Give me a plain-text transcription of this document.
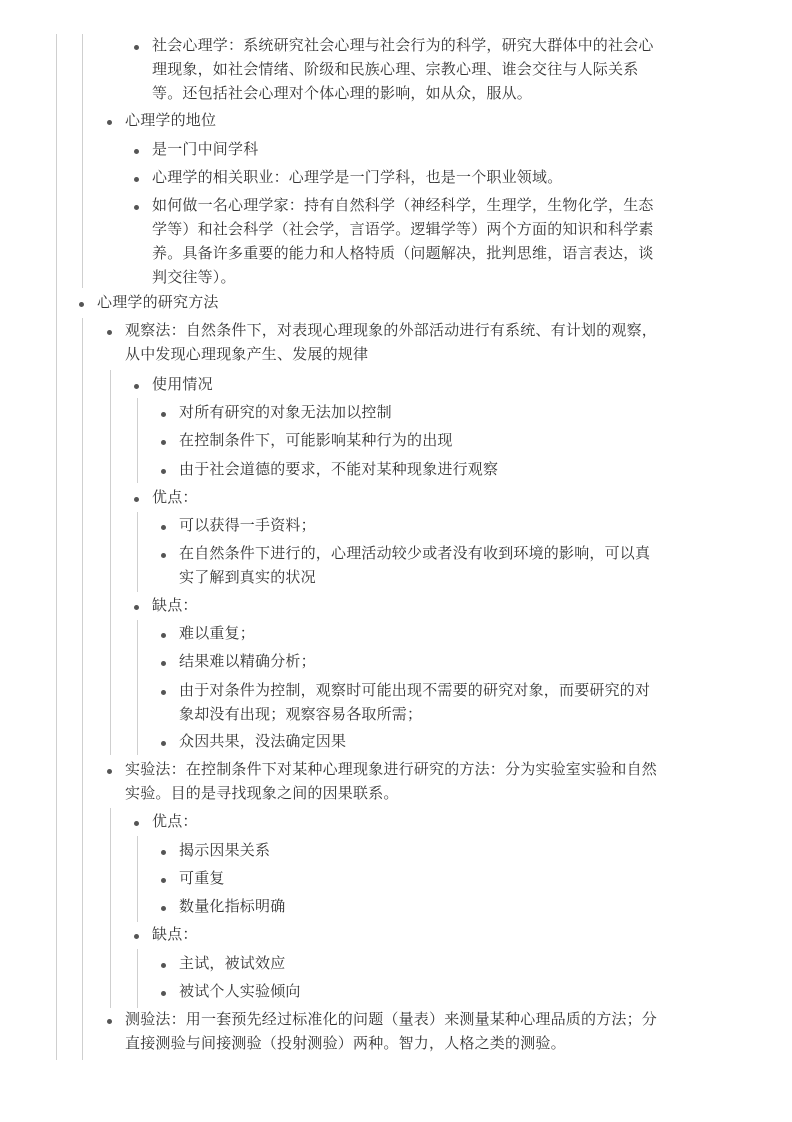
社会心理学：系统研究社会心理与社会行为的科学，研究大群体中的社会心
理现象，如社会情绪、阶级和民族心理、宗教心理、谁会交往与人际关系
等。还包括社会心理对个体心理的影响，如从众，服从。
心理学的地位
是一门中间学科
心理学的相关职业：心理学是一门学科，也是一个职业领域。
如何做一名心理学家：持有自然科学（神经科学，生理学，生物化学，生态
学等）和社会科学（社会学，言语学。逻辑学等）两个方面的知识和科学素
养。具备许多重要的能力和人格特质（问题解决，批判思维，语言表达，谈
判交往等）。
心理学的研究方法
观察法：自然条件下，对表现心理现象的外部活动进行有系统、有计划的观察，
从中发现心理现象产生、发展的规律
使用情况
对所有研究的对象无法加以控制
在控制条件下，可能影响某种行为的出现
由于社会道德的要求，不能对某种现象进行观察
优点：
可以获得一手资料；
在自然条件下进行的，心理活动较少或者没有收到环境的影响，可以真
实了解到真实的状况
缺点：
难以重复；
结果难以精确分析；
由于对条件为控制，观察时可能出现不需要的研究对象，而要研究的对
象却没有出现；观察容易各取所需；
众因共果，没法确定因果
实验法：在控制条件下对某种心理现象进行研究的方法：分为实验室实验和自然
实验。目的是寻找现象之间的因果联系。
优点：
揭示因果关系
可重复
数量化指标明确
缺点：
主试，被试效应
被试个人实验倾向
测验法：用一套预先经过标准化的问题（量表）来测量某种心理品质的方法；分
直接测验与间接测验（投射测验）两种。智力，人格之类的测验。
